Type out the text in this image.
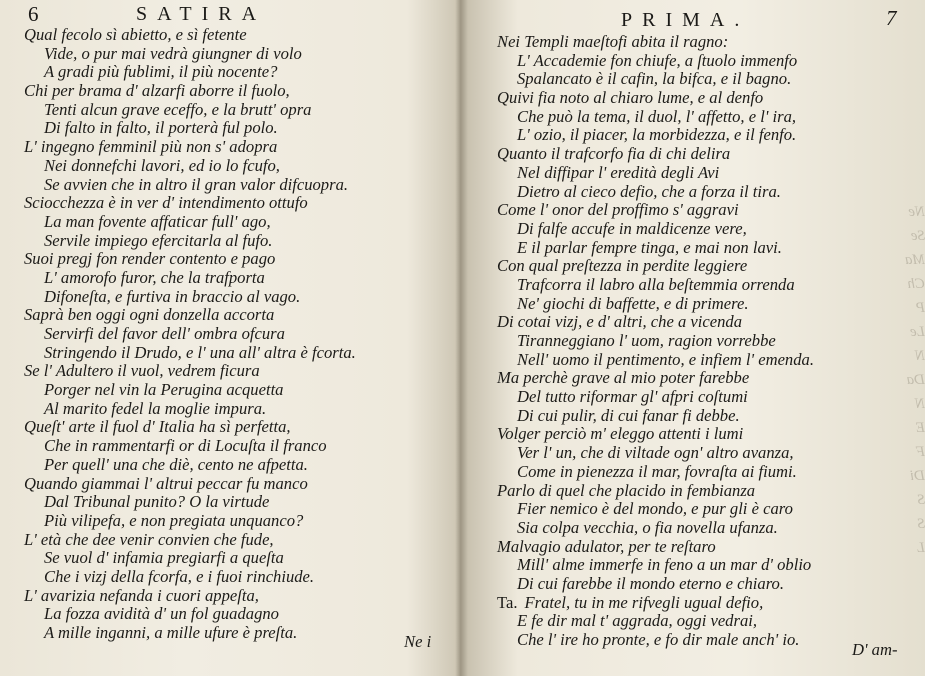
6	SATIRA
Qual fecolo sì abietto, e sì fetente
Vide, o pur mai vedrà giungner di volo
A gradi più fublimi, il più nocente?
Chi per brama d' alzarfi aborre il fuolo,
Tenti alcun grave eceffo, e la brutt' opra
Di falto in falto, il porterà ful polo.
L' ingegno femminil più non s' adopra
Nei donnefchi lavori, ed io lo fcufo,
Se avvien che in altro il gran valor difcuopra.
Sciocchezza è in ver d' intendimento ottufo
La man fovente affaticar full' ago,
Servile impiego efercitarla al fufo.
Suoi pregj fon render contento e pago
L' amorofo furor, che la trafporta
Difoneſta, e furtiva in braccio al vago.
Saprà ben oggi ogni donzella accorta
Servirfi del favor dell' ombra ofcura
Stringendo il Drudo, e l' una all' altra è fcorta.
Se l' Adultero il vuol, vedrem ficura
Porger nel vin la Perugina acquetta
Al marito fedel la moglie impura.
Queſt' arte il fuol d' Italia ha sì perfetta,
Che in rammentarfi or di Locuſta il franco
Per quell' una che diè, cento ne afpetta.
Quando giammai l' altrui peccar fu manco
Dal Tribunal punito? O la virtude
Più vilipefa, e non pregiata unquanco?
L' età che dee venir convien che fude,
Se vuol d' infamia pregiarfi a queſta
Che i vizj della fcorfa, e i fuoi rinchiude.
L' avarizia nefanda i cuori appeſta,
La fozza avidità d' un fol guadagno
A mille inganni, a mille ufure è preſta.	Ne i
PRIMA.	7
Nei Templi maeſtofi abita il ragno:
L' Accademie fon chiufe, a ſtuolo immenfo
Spalancato è il cafin, la bifca, e il bagno.
Quivi fia noto al chiaro lume, e al denfo
Che può la tema, il duol, l' affetto, e l' ira,
L' ozio, il piacer, la morbidezza, e il fenfo.
Quanto il trafcorfo fia di chi delira
Nel diffipar l' eredità degli Avi
Dietro al cieco defio, che a forza il tira.
Come l' onor del proffimo s' aggravi
Di falfe accufe in maldicenze vere,
E il parlar fempre tinga, e mai non lavi.
Con qual preſtezza in perdite leggiere
Trafcorra il labro alla beſtemmia orrenda
Ne' giochi di baffette, e di primere.
Di cotai vizj, e d' altri, che a vicenda
Tiranneggiano l' uom, ragion vorrebbe
Nell' uomo il pentimento, e infiem l' emenda.
Ma perchè grave al mio poter farebbe
Del tutto riformar gl' afpri coſtumi
Di cui pulir, di cui fanar fi debbe.
Volger perciò m' eleggo attenti i lumi
Ver l' un, che di viltade ogn' altro avanza,
Come in pienezza il mar, fovraſta ai fiumi.
Parlo di quel che placido in fembianza
Fier nemico è del mondo, e pur gli è caro
Sia colpa vecchia, o fia novella ufanza.
Malvagio adulator, per te reſtaro
Mill' alme immerfe in feno a un mar d' oblio
Di cui farebbe il mondo eterno e chiaro.
Ta. Fratel, tu in me rifvegli ugual defio,
E fe dir mal t' aggrada, oggi vedrai,
Che l' ire ho pronte, e fo dir male anch' io.
D' am-
Ne
Se
Ma
Ch
P
Le
N
Da
N
E
F
Di
S
S
L
